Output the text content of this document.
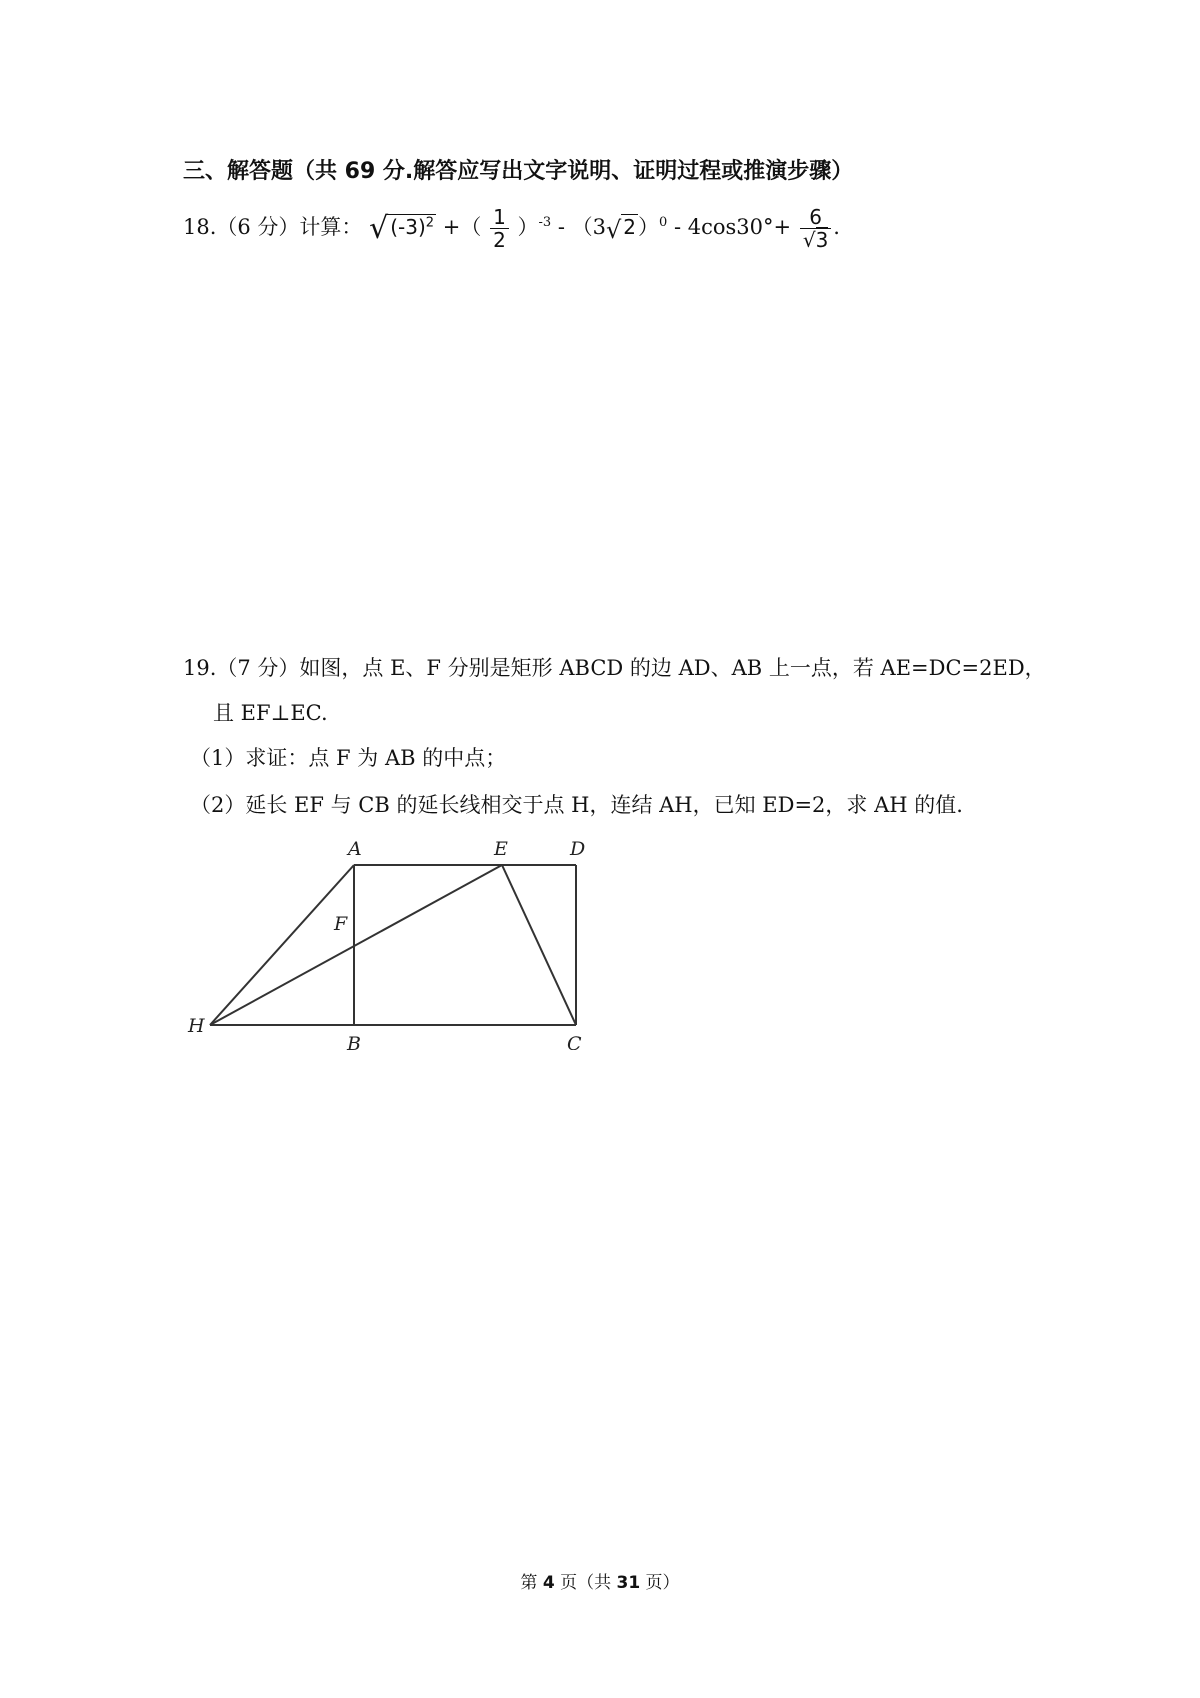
三、解答题（共 69 分.解答应写出文字说明、证明过程或推演步骤）
18.（6 分）计算： √ $(-3)^2$ +（ $\frac{1}{2} )^{-3} - (3√$ $2)^0 - 4\cos 30^\circ+ \frac{6}{√3}$ .
19.（7 分）如图，点 E、F 分别是矩形 ABCD 的边 AD、AB 上一点，若 AE=DC=2ED，
且 EF⊥EC.
（1）求证：点 F 为 AB 的中点；
（2）延长 EF 与 CB 的延长线相交于点 H，连结 AH，已知 ED=2，求 AH 的值.
A	E	D
F
H
B	C
第 4 页（共 31 页）
